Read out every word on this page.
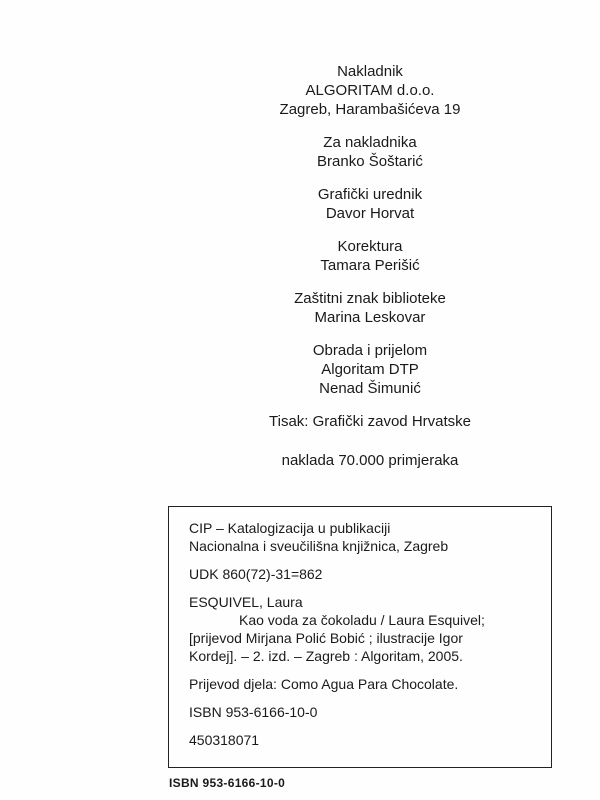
Nakladnik
ALGORITAM d.o.o.
Zagreb, Harambašićeva 19
Za nakladnika
Branko Šoštarić
Grafički urednik
Davor Horvat
Korektura
Tamara Perišić
Zaštitni znak biblioteke
Marina Leskovar
Obrada i prijelom
Algoritam DTP
Nenad Šimunić
Tisak: Grafički zavod Hrvatske
naklada 70.000 primjeraka
CIP – Katalogizacija u publikaciji
Nacionalna i sveučilišna knjižnica, Zagreb
UDK 860(72)-31=862
ESQUIVEL, Laura
Kao voda za čokoladu / Laura Esquivel;
[prijevod Mirjana Polić Bobić ; ilustracije Igor
Kordej]. – 2. izd. – Zagreb : Algoritam, 2005.
Prijevod djela: Como Agua Para Chocolate.
ISBN 953-6166-10-0
450318071
ISBN 953-6166-10-0
